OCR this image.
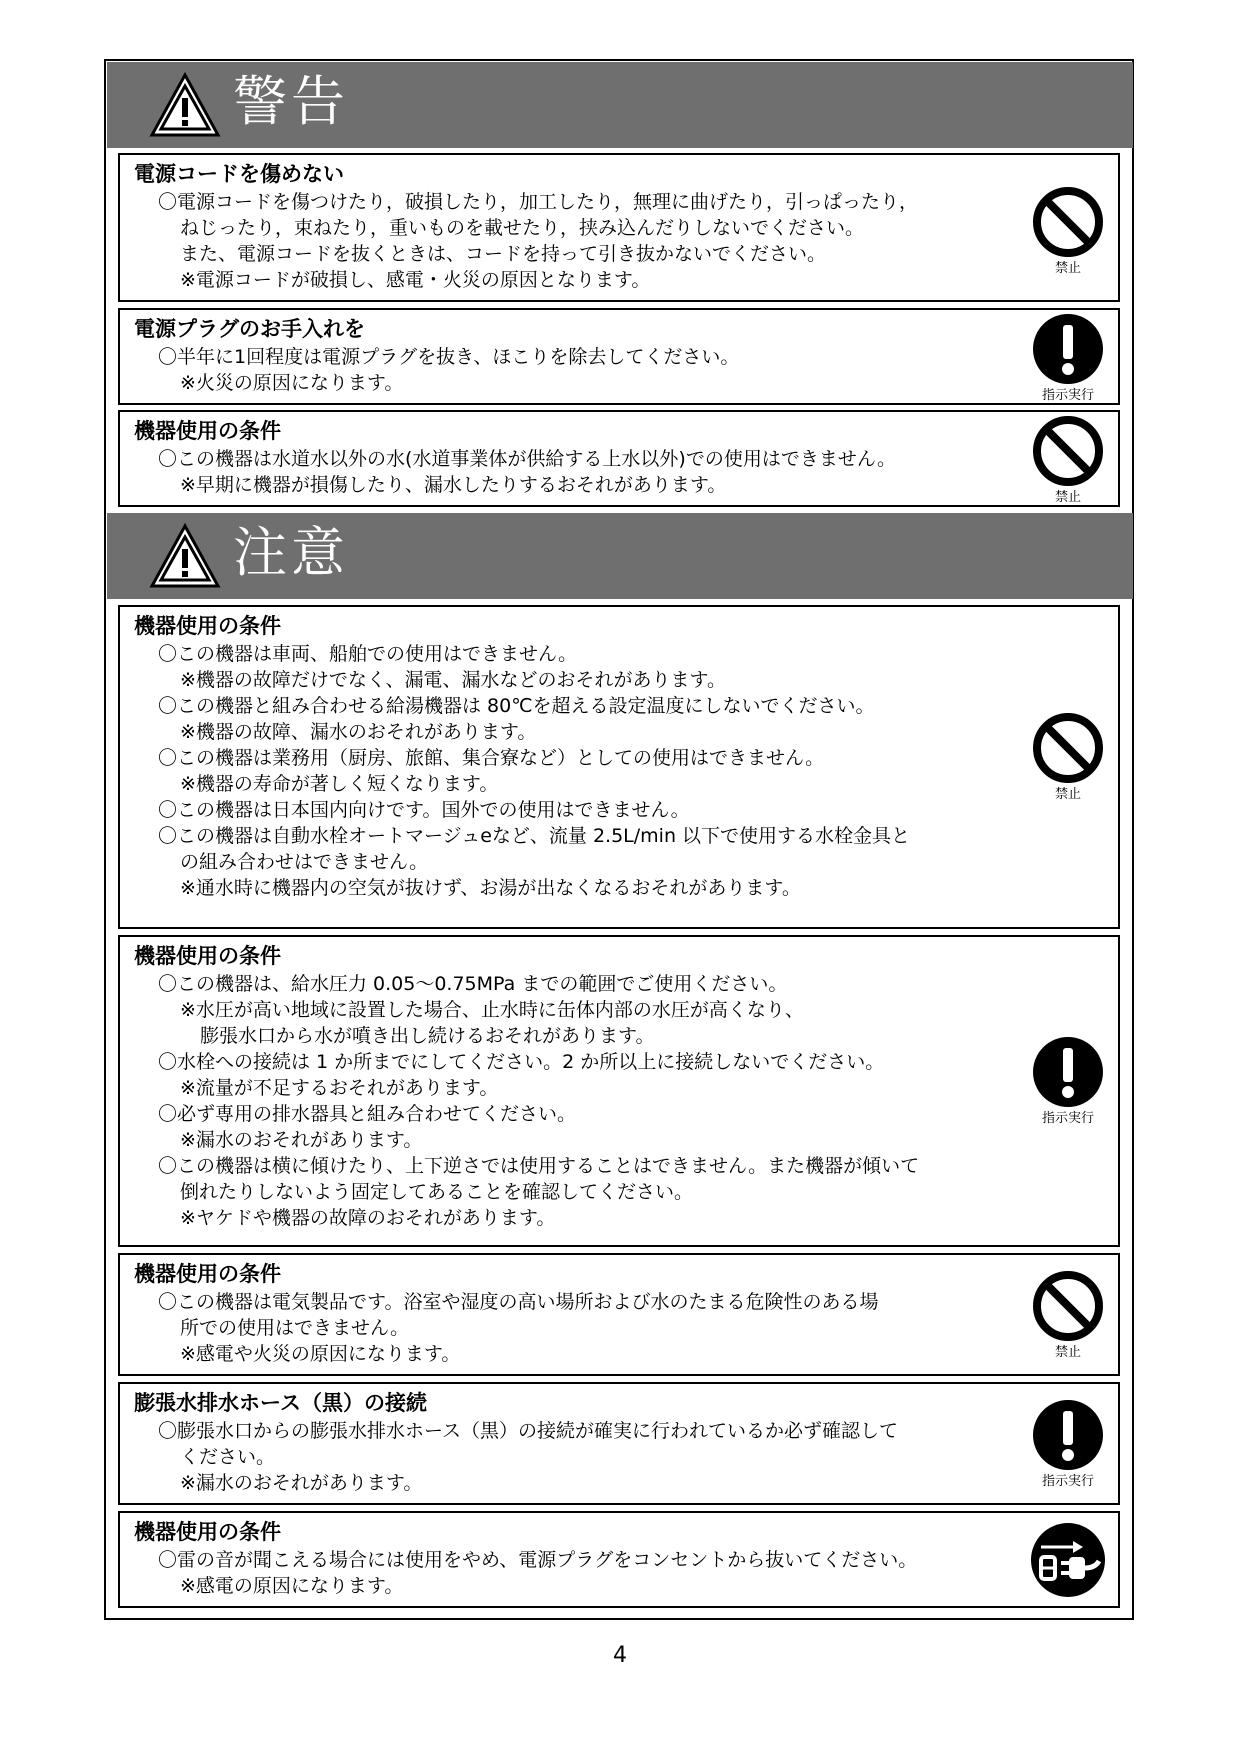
警告
電源コードを傷めない
〇電源コードを傷つけたり，破損したり，加工したり，無理に曲げたり，引っぱったり，
ねじったり，束ねたり，重いものを載せたり，挟み込んだりしないでください。
また、電源コードを抜くときは、コードを持って引き抜かないでください。
※電源コードが破損し、感電・火災の原因となります。
禁止
電源プラグのお手入れを
〇半年に1回程度は電源プラグを抜き、ほこりを除去してください。
※火災の原因になります。
指示実行
機器使用の条件
〇この機器は水道水以外の水(水道事業体が供給する上水以外)での使用はできません。
※早期に機器が損傷したり、漏水したりするおそれがあります。
禁止
注意
機器使用の条件
〇この機器は車両、船舶での使用はできません。
※機器の故障だけでなく、漏電、漏水などのおそれがあります。
〇この機器と組み合わせる給湯機器は 80℃を超える設定温度にしないでください。
※機器の故障、漏水のおそれがあります。
〇この機器は業務用（厨房、旅館、集合寮など）としての使用はできません。
※機器の寿命が著しく短くなります。
〇この機器は日本国内向けです。国外での使用はできません。
〇この機器は自動水栓オートマージュeなど、流量 2.5L/min 以下で使用する水栓金具と
の組み合わせはできません。
※通水時に機器内の空気が抜けず、お湯が出なくなるおそれがあります。
禁止
機器使用の条件
〇この機器は、給水圧力 0.05～0.75MPa までの範囲でご使用ください。
※水圧が高い地域に設置した場合、止水時に缶体内部の水圧が高くなり、
膨張水口から水が噴き出し続けるおそれがあります。
〇水栓への接続は 1 か所までにしてください。2 か所以上に接続しないでください。
※流量が不足するおそれがあります。
〇必ず専用の排水器具と組み合わせてください。
※漏水のおそれがあります。
〇この機器は横に傾けたり、上下逆さでは使用することはできません。また機器が傾いて
倒れたりしないよう固定してあることを確認してください。
※ヤケドや機器の故障のおそれがあります。
指示実行
機器使用の条件
〇この機器は電気製品です。浴室や湿度の高い場所および水のたまる危険性のある場
所での使用はできません。
※感電や火災の原因になります。	禁止
膨張水排水ホース（黒）の接続
〇膨張水口からの膨張水排水ホース（黒）の接続が確実に行われているか必ず確認して
ください。
※漏水のおそれがあります。	指示実行
機器使用の条件
〇雷の音が聞こえる場合には使用をやめ、電源プラグをコンセントから抜いてください。
※感電の原因になります。
4
